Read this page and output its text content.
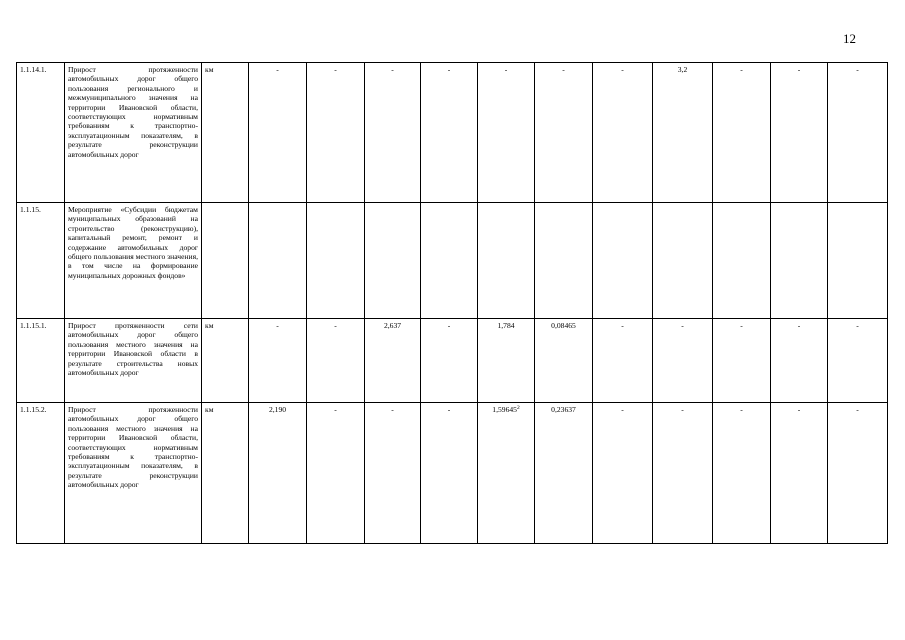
12
1.1.14.1.	Прирост протяженности автомобильных дорог общего пользования регионального и межмуниципального значения на территории Ивановской области, соответствующих нормативным требованиям к транспортно-эксплуатационным показателям, в результате реконструкции автомобильных дорог	км	-	-	-	-	-	-	-	3,2	-	-	-
1.1.15.	Мероприятие «Субсидии бюджетам муниципальных образований на строительство (реконструкцию), капитальный ремонт, ремонт и содержание автомобильных дорог общего пользования местного значения, в том числе на формирование муниципальных дорожных фондов»												
1.1.15.1.	Прирост протяженности сети автомобильных дорог общего пользования местного значения на территории Ивановской области в результате строительства новых автомобильных дорог	км	-	-	2,637	-	1,784	0,08465	-	-	-	-	-
1.1.15.2.	Прирост протяженности автомобильных дорог общего пользования местного значения на территории Ивановской области, соответствующих нормативным требованиям к транспортно-эксплуатационным показателям, в результате реконструкции автомобильных дорог	км	2,190	-	-	-	1,59645$^2$	0,23637	-	-	-	-	-
